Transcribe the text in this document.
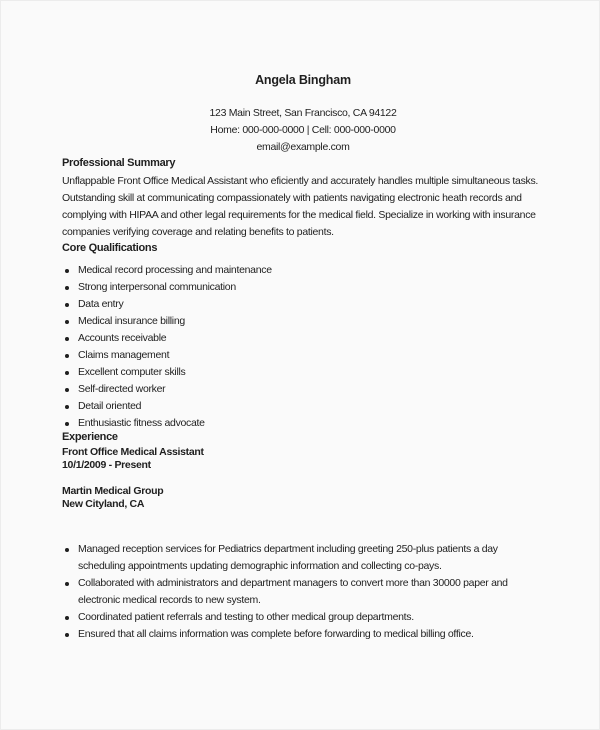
Angela Bingham
123 Main Street, San Francisco, CA 94122
Home: 000-000-0000 | Cell: 000-000-0000
email@example.com
Professional Summary

Unflappable Front Office Medical Assistant who eficiently and accurately handles multiple simultaneous tasks. Outstanding skill at communicating compassionately with patients navigating electronic heath records and complying with HIPAA and other legal requirements for the medical field. Specialize in working with insurance companies verifying coverage and relating benefits to patients.

Core Qualifications
Medical record processing and maintenance
Strong interpersonal communication
Data entry
Medical insurance billing
Accounts receivable
Claims management
Excellent computer skills
Self-directed worker
Detail oriented
Enthusiastic fitness advocate
Experience
Front Office Medical Assistant
10/1/2009 - Present
Martin Medical Group
New Cityland, CA
Managed reception services for Pediatrics department including greeting 250-plus patients a day scheduling appointments updating demographic information and collecting co-pays.
Collaborated with administrators and department managers to convert more than 30000 paper and electronic medical records to new system.
Coordinated patient referrals and testing to other medical group departments.
Ensured that all claims information was complete before forwarding to medical billing office.
